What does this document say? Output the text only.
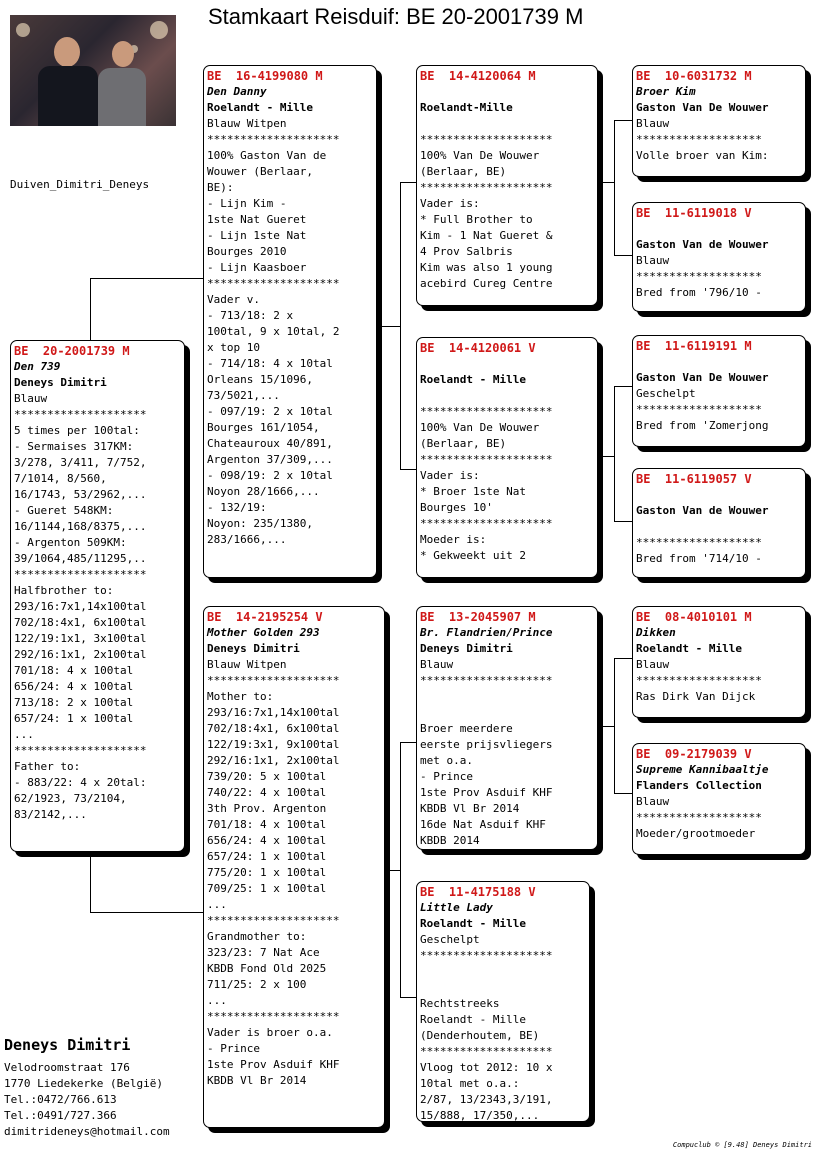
Stamkaart Reisduif: BE 20-2001739 M
Duiven_Dimitri_Deneys
BE  20-2001739 M
Den 739
Deneys Dimitri
Blauw
********************
5 times per 100tal:
- Sermaises 317KM:
3/278, 3/411, 7/752,
7/1014, 8/560,
16/1743, 53/2962,...
- Gueret 548KM:
16/1144,168/8375,...
- Argenton 509KM:
39/1064,485/11295,..
********************
Halfbrother to:
293/16:7x1,14x100tal
702/18:4x1, 6x100tal
122/19:1x1, 3x100tal
292/16:1x1, 2x100tal
701/18: 4 x 100tal
656/24: 4 x 100tal
713/18: 2 x 100tal
657/24: 1 x 100tal
...
********************
Father to:
- 883/22: 4 x 20tal:
62/1923, 73/2104,
83/2142,...
BE  16-4199080 M
Den Danny
Roelandt - Mille
Blauw Witpen
********************
100% Gaston Van de
Wouwer (Berlaar,
BE):
- Lijn Kim -
1ste Nat Gueret
- Lijn 1ste Nat
Bourges 2010
- Lijn Kaasboer
********************
Vader v.
- 713/18: 2 x
100tal, 9 x 10tal, 2
x top 10
- 714/18: 4 x 10tal
Orleans 15/1096,
73/5021,...
- 097/19: 2 x 10tal
Bourges 161/1054,
Chateauroux 40/891,
Argenton 37/309,...
- 098/19: 2 x 10tal
Noyon 28/1666,...
- 132/19:
Noyon: 235/1380,
283/1666,...
BE  14-2195254 V
Mother Golden 293
Deneys Dimitri
Blauw Witpen
********************
Mother to:
293/16:7x1,14x100tal
702/18:4x1, 6x100tal
122/19:3x1, 9x100tal
292/16:1x1, 2x100tal
739/20: 5 x 100tal
740/22: 4 x 100tal
3th Prov. Argenton
701/18: 4 x 100tal
656/24: 4 x 100tal
657/24: 1 x 100tal
775/20: 1 x 100tal
709/25: 1 x 100tal
...
********************
Grandmother to:
323/23: 7 Nat Ace
KBDB Fond Old 2025
711/25: 2 x 100
...
********************
Vader is broer o.a.
- Prince
1ste Prov Asduif KHF
KBDB Vl Br 2014
BE  14-4120064 M

Roelandt-Mille

********************
100% Van De Wouwer
(Berlaar, BE)
********************
Vader is:
* Full Brother to
Kim - 1 Nat Gueret &
4 Prov Salbris
Kim was also 1 young
acebird Cureg Centre
BE  14-4120061 V

Roelandt - Mille

********************
100% Van De Wouwer
(Berlaar, BE)
********************
Vader is:
* Broer 1ste Nat
Bourges 10'
********************
Moeder is:
* Gekweekt uit 2
BE  13-2045907 M
Br. Flandrien/Prince
Deneys Dimitri
Blauw
********************

Broer meerdere
eerste prijsvliegers
met o.a.
- Prince
1ste Prov Asduif KHF
KBDB Vl Br 2014
16de Nat Asduif KHF
KBDB 2014
BE  11-4175188 V
Little Lady
Roelandt - Mille
Geschelpt
********************

Rechtstreeks
Roelandt - Mille
(Denderhoutem, BE)
********************
Vloog tot 2012: 10 x
10tal met o.a.:
2/87, 13/2343,3/191,
15/888, 17/350,...
BE  10-6031732 M
Broer Kim
Gaston Van De Wouwer
Blauw
*******************
Volle broer van Kim:
BE  11-6119018 V

Gaston Van de Wouwer
Blauw
*******************
Bred from '796/10 -
BE  11-6119191 M

Gaston Van De Wouwer
Geschelpt
*******************
Bred from 'Zomerjong
BE  11-6119057 V

Gaston Van de Wouwer

*******************
Bred from '714/10 -
BE  08-4010101 M
Dikken
Roelandt - Mille
Blauw
*******************
Ras Dirk Van Dijck
BE  09-2179039 V
Supreme Kannibaaltje
Flanders Collection
Blauw
*******************
Moeder/grootmoeder
Deneys Dimitri
Velodroomstraat 176
1770 Liedekerke (België)
Tel.:0472/766.613
Tel.:0491/727.366
dimitrideneys@hotmail.com
Compuclub © [9.48] Deneys Dimitri
